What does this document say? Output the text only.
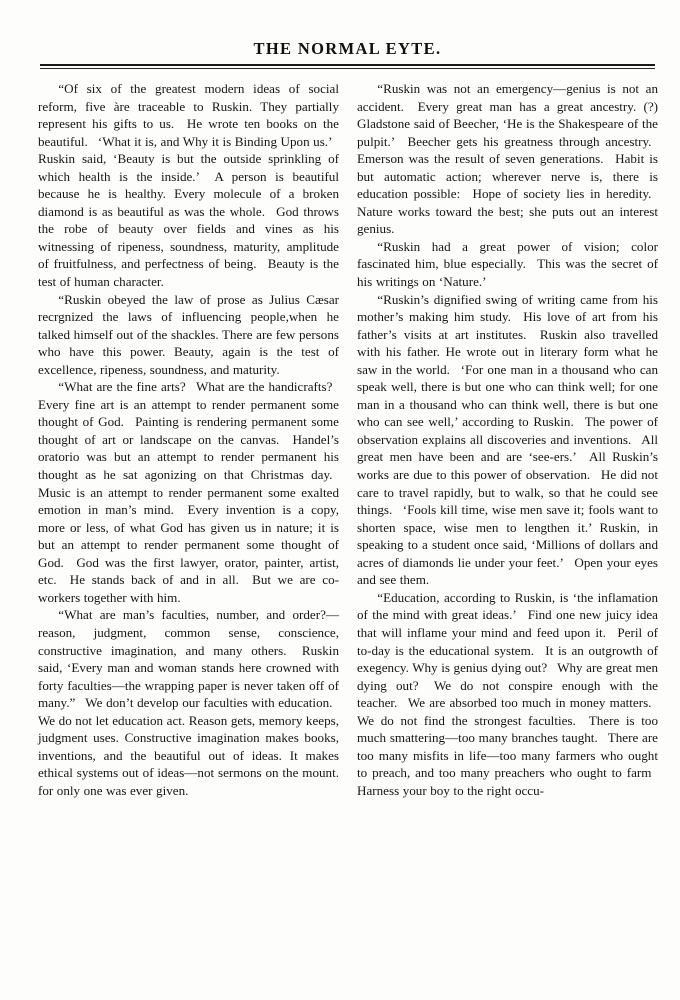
THE NORMAL EYTE.

“Of six of the greatest modern ideas of social reform, five àre traceable to Ruskin. They partially represent his gifts to us.  He wrote ten books on the beautiful.  ‘What it is, and Why it is Binding Upon us.’  Ruskin said, ‘Beauty is but the outside sprinkling of which health is the inside.’  A person is beautiful because he is healthy. Every molecule of a broken diamond is as beautiful as was the whole.  God throws the robe of beauty over fields and vines as his witnessing of ripeness, soundness, maturity, amplitude of fruitfulness, and perfectness of being.  Beauty is the test of human character.

“Ruskin obeyed the law of prose as Julius Cæsar recrgnized the laws of influencing people,when he talked himself out of the shackles. There are few persons who have this power. Beauty, again is the test of excellence, ripeness, soundness, and maturity.

“What are the fine arts?  What are the handicrafts?  Every fine art is an attempt to render permanent some thought of God.  Painting is rendering permanent some thought of art or landscape on the canvas.  Handel’s oratorio was but an attempt to render permanent his thought as he sat agonizing on that Christmas day.  Music is an attempt to render permanent some exalted emotion in man’s mind.  Every invention is a copy, more or less, of what God has given us in nature; it is but an attempt to render permanent some thought of God.  God was the first lawyer, orator, painter, artist, etc.  He stands back of and in all.  But we are co-workers together with him.

“What are man’s faculties, number, and order?—reason, judgment, common sense, conscience, constructive imagination, and many others.  Ruskin said, ‘Every man and woman stands here crowned with forty faculties—the wrapping paper is never taken off of many.”  We don’t develop our faculties with education.  We do not let education act. Reason gets, memory keeps, judgment uses. Constructive imagination makes books, inventions, and the beautiful out of ideas. It makes ethical systems out of ideas—not sermons on the mount. for only one was ever given.

“Ruskin was not an emergency—genius is not an accident.  Every great man has a great ancestry. (?) Gladstone said of Beecher, ‘He is the Shakespeare of the pulpit.’  Beecher gets his greatness through ancestry.  Emerson was the result of seven generations.  Habit is but automatic action; wherever nerve is, there is education possible:  Hope of society lies in heredity.  Nature works toward the best; she puts out an interest genius.

“Ruskin had a great power of vision; color fascinated him, blue especially.  This was the secret of his writings on ‘Nature.’

“Ruskin’s dignified swing of writing came from his mother’s making him study.  His love of art from his father’s visits at art institutes.  Ruskin also travelled with his father. He wrote out in literary form what he saw in the world.  ‘For one man in a thousand who can speak well, there is but one who can think well; for one man in a thousand who can think well, there is but one who can see well,’ according to Ruskin.  The power of observation explains all discoveries and inventions.  All great men have been and are ‘see-ers.’  All Ruskin’s works are due to this power of observation.  He did not care to travel rapidly, but to walk, so that he could see things.  ‘Fools kill time, wise men save it; fools want to shorten space, wise men to lengthen it.’ Ruskin, in speaking to a student once said, ‘Millions of dollars and acres of diamonds lie under your feet.’  Open your eyes and see them.

“Education, according to Ruskin, is ‘the inflamation of the mind with great ideas.’  Find one new juicy idea that will inflame your mind and feed upon it.  Peril of to-day is the educational system.  It is an outgrowth of exegency. Why is genius dying out?  Why are great men dying out?  We do not conspire enough with the teacher.  We are absorbed too much in money matters.  We do not find the strongest faculties.  There is too much smattering—too many branches taught.  There are too many misfits in life—too many farmers who ought to preach, and too many preachers who ought to farm  Harness your boy to the right occu-
